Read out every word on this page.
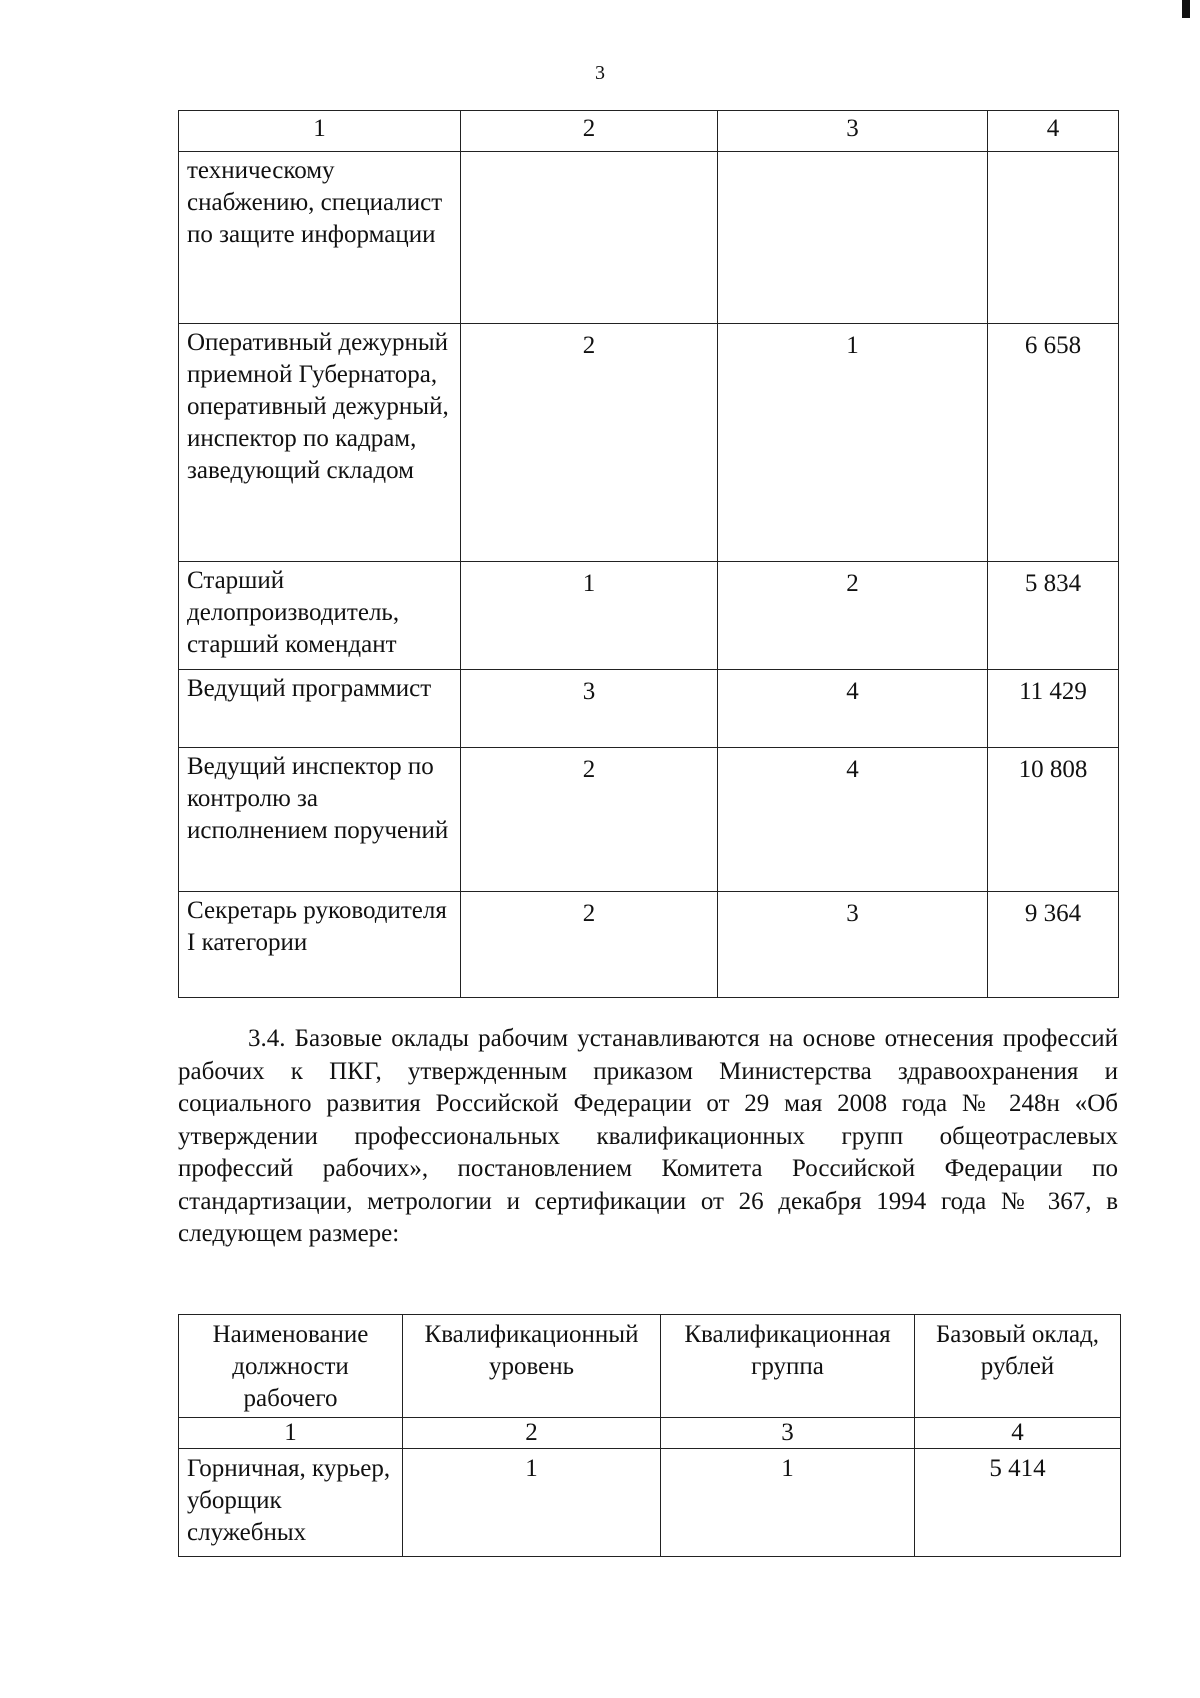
3
1	2	3	4
техническому снабжению, специалист по защите информации			
Оперативный дежурный приемной Губернатора, оперативный дежурный, инспектор по кадрам, заведующий складом	2	1	6 658
Старший делопроизводитель, старший комендант	1	2	5 834
Ведущий программист	3	4	11 429
Ведущий инспектор по контролю за исполнением поручений	2	4	10 808
Секретарь руководителя I категории	2	3	9 364

3.4. Базовые оклады рабочим устанавливаются на основе отнесения профессий рабочих к ПКГ, утвержденным приказом Министерства здравоохранения и социального развития Российской Федерации от 29 мая 2008 года № 248н «Об утверждении профессиональных квалификационных групп общеотраслевых профессий рабочих», постановлением Комитета Российской Федерации по стандартизации, метрологии и сертификации от 26 декабря 1994 года № 367, в следующем размере:

Наименование должности рабочего	Квалификационный уровень	Квалификационная группа	Базовый оклад, рублей
1	2	3	4
Горничная, курьер, уборщик служебных	1	1	5 414
